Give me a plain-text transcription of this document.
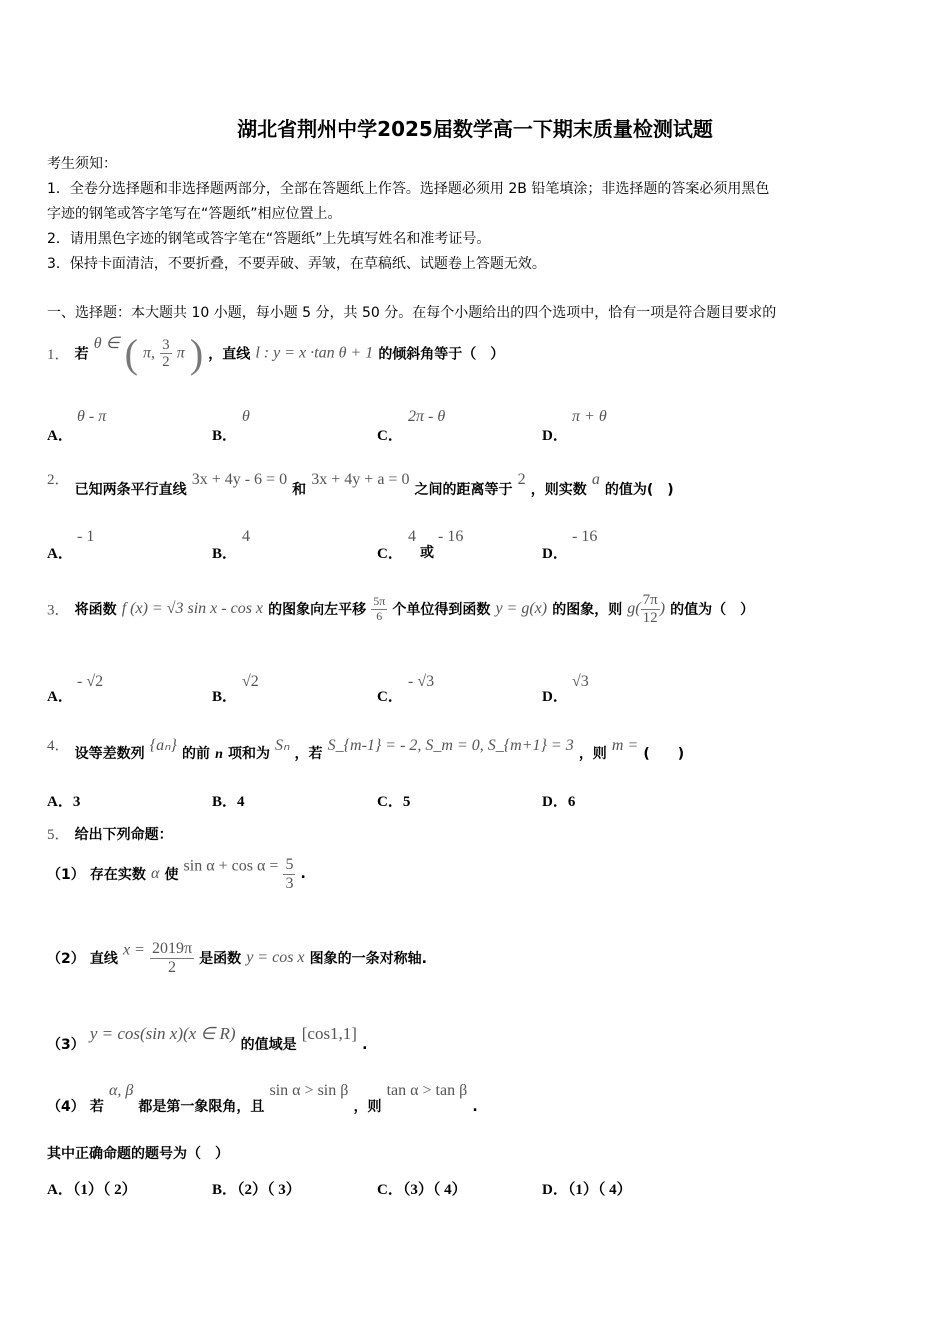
湖北省荆州中学2025届数学高一下期末质量检测试题
考生须知：
1．全卷分选择题和非选择题两部分，全部在答题纸上作答。选择题必须用 2B 铅笔填涂；非选择题的答案必须用黑色
字迹的钢笔或答字笔写在“答题纸”相应位置上。
2．请用黑色字迹的钢笔或答字笔在“答题纸”上先填写姓名和准考证号。
3．保持卡面清洁，不要折叠，不要弄破、弄皱，在草稿纸、试题卷上答题无效。
一、选择题：本大题共 10 小题，每小题 5 分，共 50 分。在每个小题给出的四个选项中，恰有一项是符合题目要求的
1． 若 θ ∈ ( π, $\frac{3}{2}$ π ) ，直线 l : y = x ·tan θ + 1 的倾斜角等于（　）
A．
θ - π
B．
θ
C．
2π - θ
D．
π + θ
2． 已知两条平行直线 3x + 4y - 6 = 0 和 3x + 4y + a = 0 之间的距离等于 2 ，则实数 a 的值为(　)
A．
- 1
B．
4
C．
4
或
- 16
D．
- 16
3． 将函数 f (x) = √3 sin x - cos x 的图象向左平移 $\frac{5\pi}{6}$ 个单位得到函数 y = g(x) 的图象，则 $g( \frac{7\pi}{12}$ ) 的值为（　）
A．
- √2
B．
√2
C．
- √3
D．
√3
4． 设等差数列 {aₙ} 的前 n 项和为 Sₙ ，若 S_{m-1} = - 2, S_m = 0, S_{m+1} = 3 ，则 m = (　　)
A．3	B．4	C．5	D．6
5． 给出下列命题：
（1） 存在实数 α 使 $\sin \alpha + \cos \alpha = \frac{5}{3}$ .
（2） 直线 $x = \frac{2019\pi}{2}$ 是函数 y = cos x 图象的一条对称轴.
（3） y = cos(sin x)(x ∈ R) 的值域是 [cos1,1] .
（4） 若 α, β 都是第一象限角，且 sin α > sin β ，则 tan α > tan β .
其中正确命题的题号为（　）
A．（1）（ 2）	B．（2）（ 3）	C．（3）（ 4）	D．（1）（ 4）
